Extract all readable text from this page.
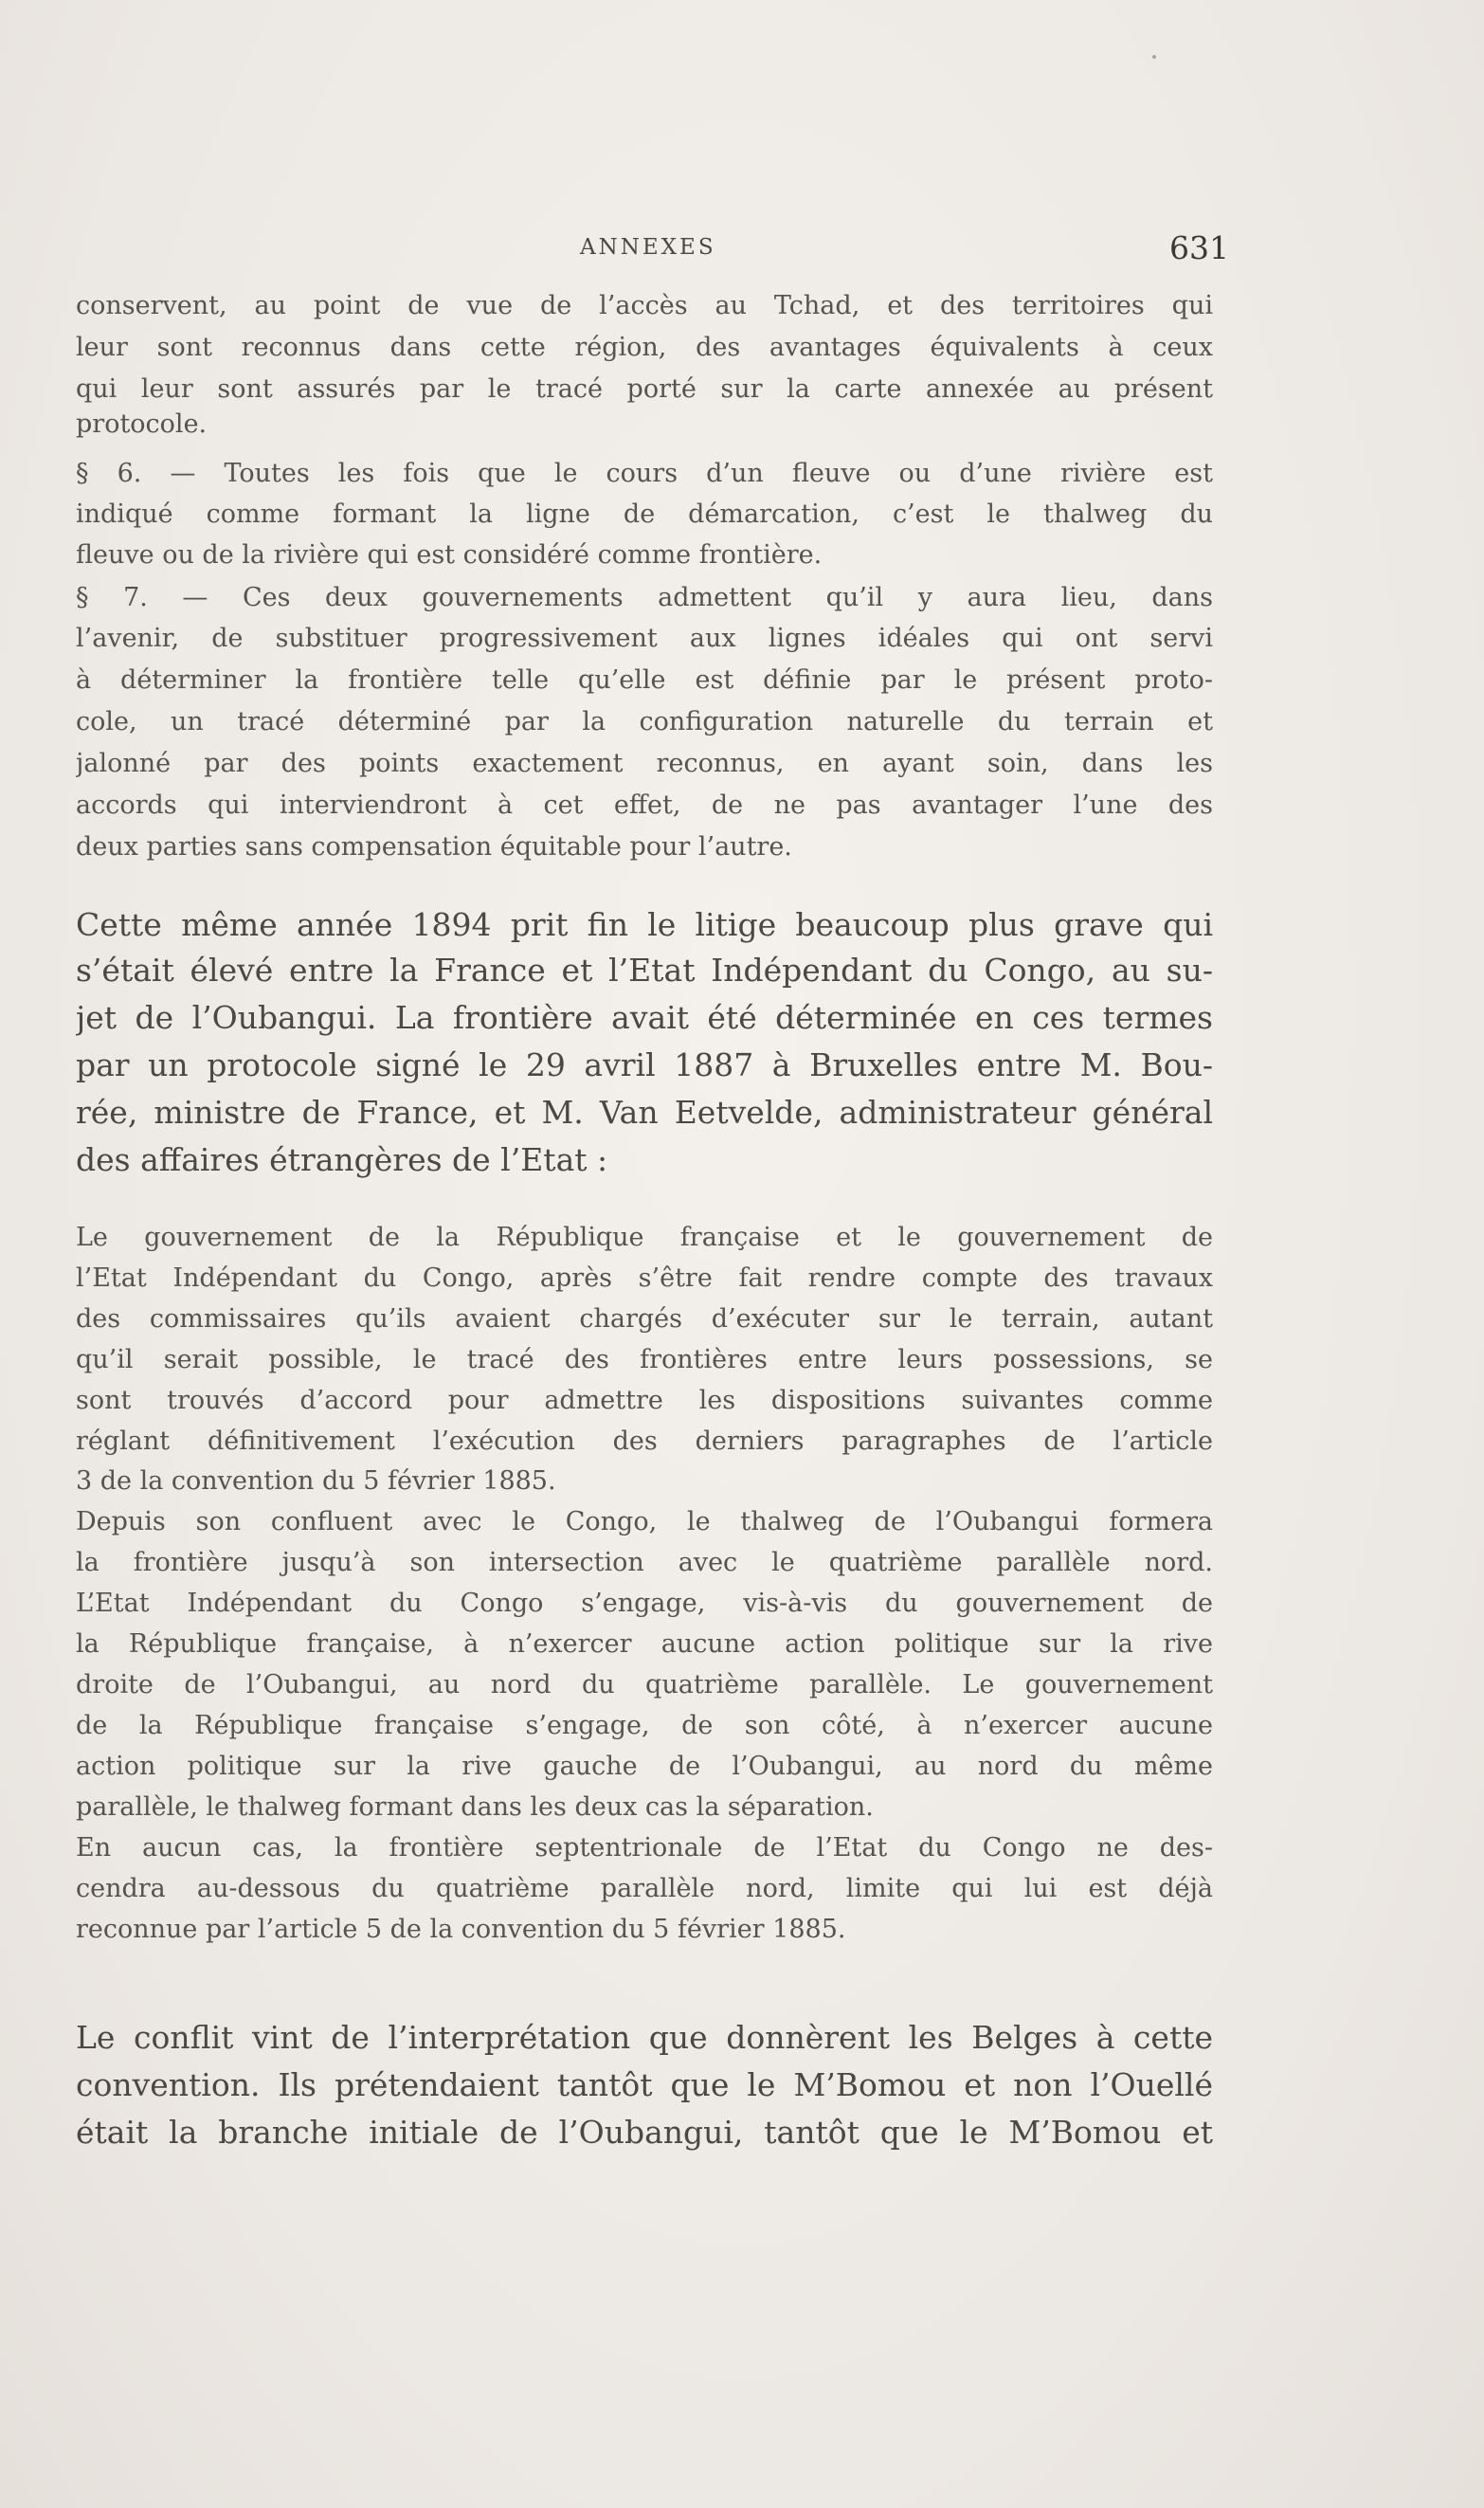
ANNEXES	631
conservent, au point de vue de l’accès au Tchad, et des territoires qui
leur sont reconnus dans cette région, des avantages équivalents à ceux
qui leur sont assurés par le tracé porté sur la carte annexée au présent
protocole.
§ 6. — Toutes les fois que le cours d’un fleuve ou d’une rivière est
indiqué comme formant la ligne de démarcation, c’est le thalweg du
fleuve ou de la rivière qui est considéré comme frontière.
§ 7. — Ces deux gouvernements admettent qu’il y aura lieu, dans
l’avenir, de substituer progressivement aux lignes idéales qui ont servi
à déterminer la frontière telle qu’elle est définie par le présent proto-
cole, un tracé déterminé par la configuration naturelle du terrain et
jalonné par des points exactement reconnus, en ayant soin, dans les
accords qui interviendront à cet effet, de ne pas avantager l’une des
deux parties sans compensation équitable pour l’autre.
Cette même année 1894 prit fin le litige beaucoup plus grave qui
s’était élevé entre la France et l’Etat Indépendant du Congo, au su-
jet de l’Oubangui. La frontière avait été déterminée en ces termes
par un protocole signé le 29 avril 1887 à Bruxelles entre M. Bou-
rée, ministre de France, et M. Van Eetvelde, administrateur général
des affaires étrangères de l’Etat :
Le gouvernement de la République française et le gouvernement de
l’Etat Indépendant du Congo, après s’être fait rendre compte des travaux
des commissaires qu’ils avaient chargés d’exécuter sur le terrain, autant
qu’il serait possible, le tracé des frontières entre leurs possessions, se
sont trouvés d’accord pour admettre les dispositions suivantes comme
réglant définitivement l’exécution des derniers paragraphes de l’article
3 de la convention du 5 février 1885.
Depuis son confluent avec le Congo, le thalweg de l’Oubangui formera
la frontière jusqu’à son intersection avec le quatrième parallèle nord.
L’Etat Indépendant du Congo s’engage, vis-à-vis du gouvernement de
la République française, à n’exercer aucune action politique sur la rive
droite de l’Oubangui, au nord du quatrième parallèle. Le gouvernement
de la République française s’engage, de son côté, à n’exercer aucune
action politique sur la rive gauche de l’Oubangui, au nord du même
parallèle, le thalweg formant dans les deux cas la séparation.
En aucun cas, la frontière septentrionale de l’Etat du Congo ne des-
cendra au-dessous du quatrième parallèle nord, limite qui lui est déjà
reconnue par l’article 5 de la convention du 5 février 1885.
Le conflit vint de l’interprétation que donnèrent les Belges à cette
convention. Ils prétendaient tantôt que le M’Bomou et non l’Ouellé
était la branche initiale de l’Oubangui, tantôt que le M’Bomou et
